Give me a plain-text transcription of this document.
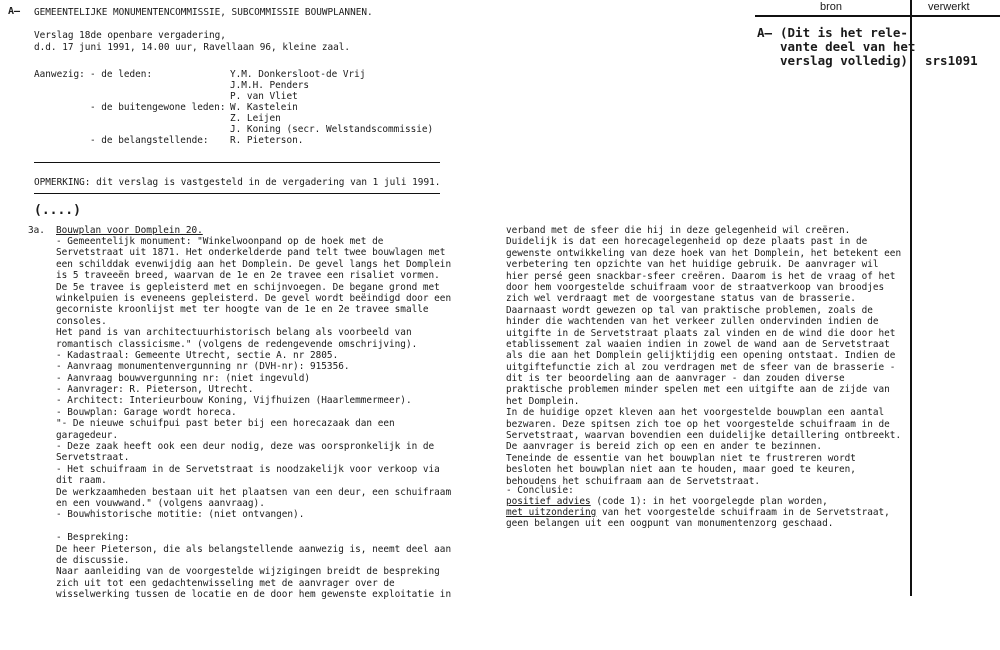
A– GEMEENTELIJKE MONUMENTENCOMMISSIE, SUBCOMMISSIE BOUWPLANNEN.
Verslag 18de openbare vergadering,
d.d. 17 juni 1991, 14.00 uur, Ravellaan 96, kleine zaal.
Aanwezig: - de leden:	Y.M. Donkersloot-de Vrij
J.M.H. Penders
P. van Vliet
- de buitengewone leden: W. Kastelein
Z. Leijen
J. Koning (secr. Welstandscommissie)
- de belangstellende: R. Pieterson.
OPMERKING: dit verslag is vastgesteld in de vergadering van 1 juli 1991.
(....)
3a. Bouwplan voor Domplein 20.
- Gemeentelijk monument: "Winkelwoonpand op de hoek met de
Servetstraat uit 1871. Het onderkelderde pand telt twee bouwlagen met
een schilddak evenwijdig aan het Domplein. De gevel langs het Domplein
is 5 traveeën breed, waarvan de 1e en 2e travee een risaliet vormen.
De 5e travee is gepleisterd met en schijnvoegen. De begane grond met
winkelpuien is eveneens gepleisterd. De gevel wordt beëindigd door een
gecorniste kroonlijst met ter hoogte van de 1e en 2e travee smalle
consoles.
Het pand is van architectuurhistorisch belang als voorbeeld van
romantisch classicisme." (volgens de redengevende omschrijving).
- Kadastraal: Gemeente Utrecht, sectie A. nr 2805.
- Aanvraag monumentenvergunning nr (DVH-nr): 915356.
- Aanvraag bouwvergunning nr: (niet ingevuld)
- Aanvrager: R. Pieterson, Utrecht.
- Architect: Interieurbouw Koning, Vijfhuizen (Haarlemmermeer).
- Bouwplan: Garage wordt horeca.
"- De nieuwe schuifpui past beter bij een horecazaak dan een
garagedeur.
- Deze zaak heeft ook een deur nodig, deze was oorspronkelijk in de
Servetstraat.
- Het schuifraam in de Servetstraat is noodzakelijk voor verkoop via
dit raam.
De werkzaamheden bestaan uit het plaatsen van een deur, een schuifraam
en een vouwwand." (volgens aanvraag).
- Bouwhistorische motitie: (niet ontvangen).
- Bespreking:
De heer Pieterson, die als belangstellende aanwezig is, neemt deel aan
de discussie.
Naar aanleiding van de voorgestelde wijzigingen breidt de bespreking
zich uit tot een gedachtenwisseling met de aanvrager over de
wisselwerking tussen de locatie en de door hem gewenste exploitatie in
verband met de sfeer die hij in deze gelegenheid wil creëren.
Duidelijk is dat een horecagelegenheid op deze plaats past in de
gewenste ontwikkeling van deze hoek van het Domplein, het betekent een
verbetering ten opzichte van het huidige gebruik. De aanvrager wil
hier persé geen snackbar-sfeer creëren. Daarom is het de vraag of het
door hem voorgestelde schuifraam voor de straatverkoop van broodjes
zich wel verdraagt met de voorgestane status van de brasserie.
Daarnaast wordt gewezen op tal van praktische problemen, zoals de
hinder die wachtenden van het verkeer zullen ondervinden indien de
uitgifte in de Servetstraat plaats zal vinden en de wind die door het
etablissement zal waaien indien in zowel de wand aan de Servetstraat
als die aan het Domplein gelijktijdig een opening ontstaat. Indien de
uitgiftefunctie zich al zou verdragen met de sfeer van de brasserie -
dit is ter beoordeling aan de aanvrager - dan zouden diverse
praktische problemen minder spelen met een uitgifte aan de zijde van
het Domplein.
In de huidige opzet kleven aan het voorgestelde bouwplan een aantal
bezwaren. Deze spitsen zich toe op het voorgestelde schuifraam in de
Servetstraat, waarvan bovendien een duidelijke detaillering ontbreekt.
De aanvrager is bereid zich op een en ander te bezinnen.
Teneinde de essentie van het bouwplan niet te frustreren wordt
besloten het bouwplan niet aan te houden, maar goed te keuren,
behoudens het schuifraam aan de Servetstraat.
- Conclusie:
positief advies (code 1): in het voorgelegde plan worden,
met uitzondering van het voorgestelde schuifraam in de Servetstraat,
geen belangen uit een oogpunt van monumentenzorg geschaad.
bron	verwerkt
A– (Dit is het rele-
vante deel van het
verslag volledig) srs1091
